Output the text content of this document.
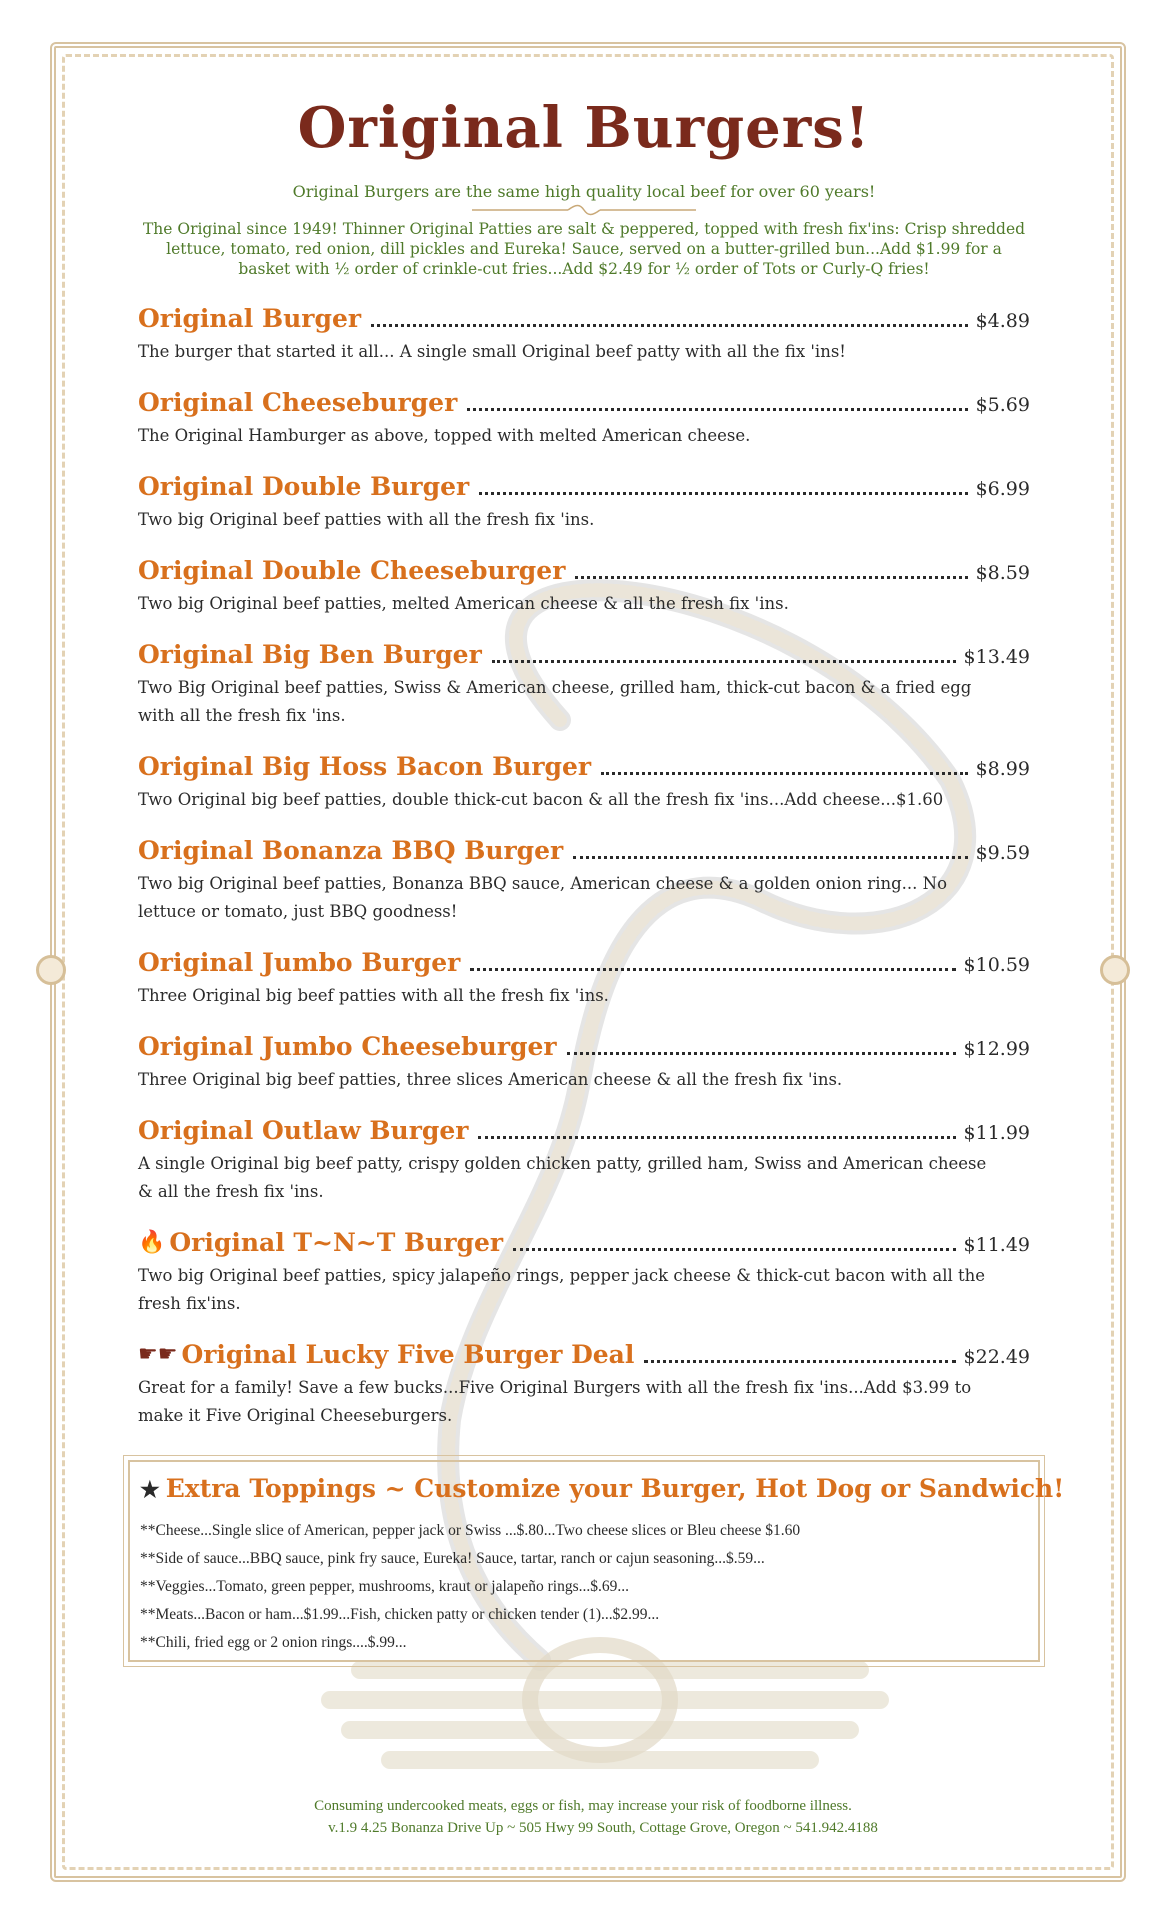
Original Burgers!
Original Burgers are the same high quality local beef for over 60 years!
The Original since 1949! Thinner Original Patties are salt & peppered, topped with fresh fix'ins: Crisp shredded lettuce, tomato, red onion, dill pickles and Eureka! Sauce, served on a butter-grilled bun...Add $1.99 for a basket with ½ order of crinkle-cut fries...Add $2.49 for ½ order of Tots or Curly-Q fries!
Original Burger	$4.89
The burger that started it all... A single small Original beef patty with all the fix 'ins!
Original Cheeseburger	$5.69
The Original Hamburger as above, topped with melted American cheese.
Original Double Burger	$6.99
Two big Original beef patties with all the fresh fix 'ins.
Original Double Cheeseburger	$8.59
Two big Original beef patties, melted American cheese & all the fresh fix 'ins.
Original Big Ben Burger	$13.49
Two Big Original beef patties, Swiss & American cheese, grilled ham, thick-cut bacon & a fried egg with all the fresh fix 'ins.
Original Big Hoss Bacon Burger	$8.99
Two Original big beef patties, double thick-cut bacon & all the fresh fix 'ins...Add cheese...$1.60
Original Bonanza BBQ Burger	$9.59
Two big Original beef patties, Bonanza BBQ sauce, American cheese & a golden onion ring... No lettuce or tomato, just BBQ goodness!
Original Jumbo Burger	$10.59
Three Original big beef patties with all the fresh fix 'ins.
Original Jumbo Cheeseburger	$12.99
Three Original big beef patties, three slices American cheese & all the fresh fix 'ins.
Original Outlaw Burger	$11.99
A single Original big beef patty, crispy golden chicken patty, grilled ham, Swiss and American cheese & all the fresh fix 'ins.
🔥 Original T~N~T Burger	$11.49
Two big Original beef patties, spicy jalapeño rings, pepper jack cheese & thick-cut bacon with all the fresh fix'ins.
☛☛ Original Lucky Five Burger Deal	$22.49
Great for a family! Save a few bucks...Five Original Burgers with all the fresh fix 'ins...Add $3.99 to make it Five Original Cheeseburgers.
★ Extra Toppings ~ Customize your Burger, Hot Dog or Sandwich!
**Cheese...Single slice of American, pepper jack or Swiss ...$.80...Two cheese slices or Bleu cheese $1.60
**Side of sauce...BBQ sauce, pink fry sauce, Eureka! Sauce, tartar, ranch or cajun seasoning...$.59...
**Veggies...Tomato, green pepper, mushrooms, kraut or jalapeño rings...$.69...
**Meats...Bacon or ham...$1.99...Fish, chicken patty or chicken tender (1)...$2.99...
**Chili, fried egg or 2 onion rings....$.99...
Consuming undercooked meats, eggs or fish, may increase your risk of foodborne illness.
v.1.9 4.25 Bonanza Drive Up ~ 505 Hwy 99 South, Cottage Grove, Oregon ~ 541.942.4188
